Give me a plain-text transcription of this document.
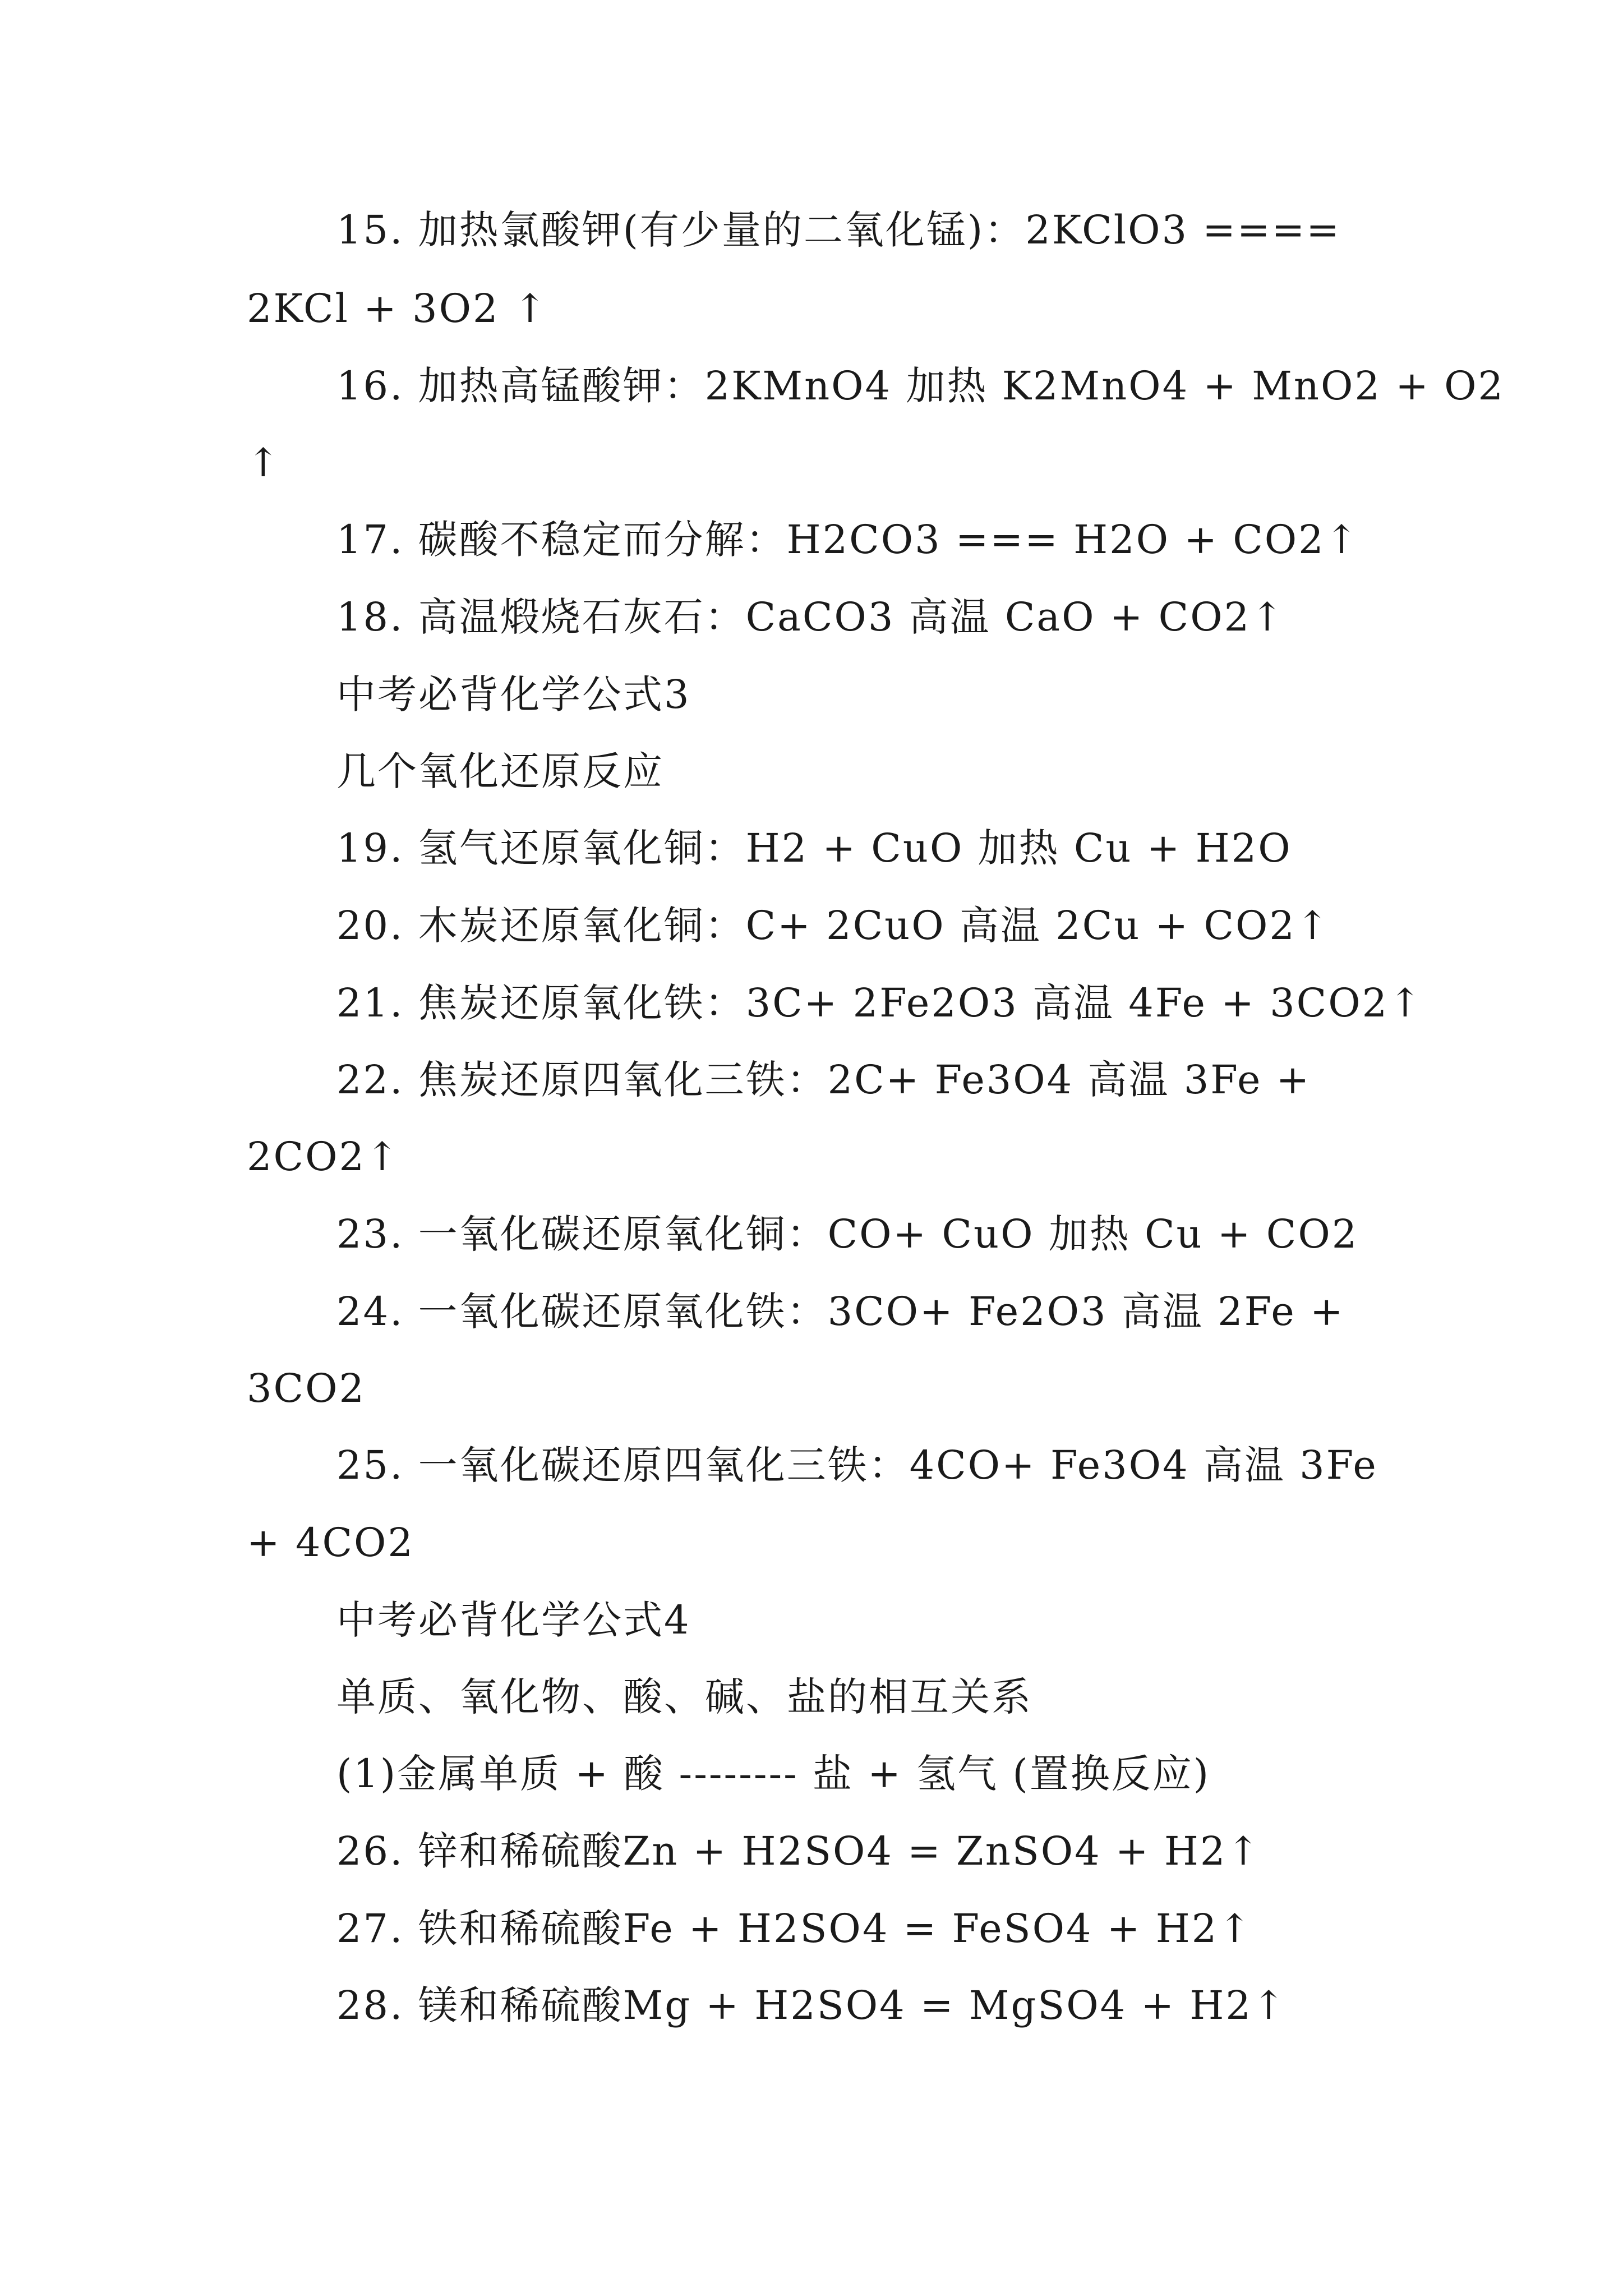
15. 加热氯酸钾(有少量的二氧化锰)：2KClO3 ====
2KCl + 3O2 ↑
16. 加热高锰酸钾：2KMnO4 加热 K2MnO4 + MnO2 + O2
↑
17. 碳酸不稳定而分解：H2CO3 === H2O + CO2↑
18. 高温煅烧石灰石：CaCO3 高温 CaO + CO2↑
中考必背化学公式3
几个氧化还原反应
19. 氢气还原氧化铜：H2 + CuO 加热 Cu + H2O
20. 木炭还原氧化铜：C+ 2CuO 高温 2Cu + CO2↑
21. 焦炭还原氧化铁：3C+ 2Fe2O3 高温 4Fe + 3CO2↑
22. 焦炭还原四氧化三铁：2C+ Fe3O4 高温 3Fe +
2CO2↑
23. 一氧化碳还原氧化铜：CO+ CuO 加热 Cu + CO2
24. 一氧化碳还原氧化铁：3CO+ Fe2O3 高温 2Fe +
3CO2
25. 一氧化碳还原四氧化三铁：4CO+ Fe3O4 高温 3Fe
+ 4CO2
中考必背化学公式4
单质、氧化物、酸、碱、盐的相互关系
(1)金属单质 + 酸 -------- 盐 + 氢气 (置换反应)
26. 锌和稀硫酸Zn + H2SO4 = ZnSO4 + H2↑
27. 铁和稀硫酸Fe + H2SO4 = FeSO4 + H2↑
28. 镁和稀硫酸Mg + H2SO4 = MgSO4 + H2↑
